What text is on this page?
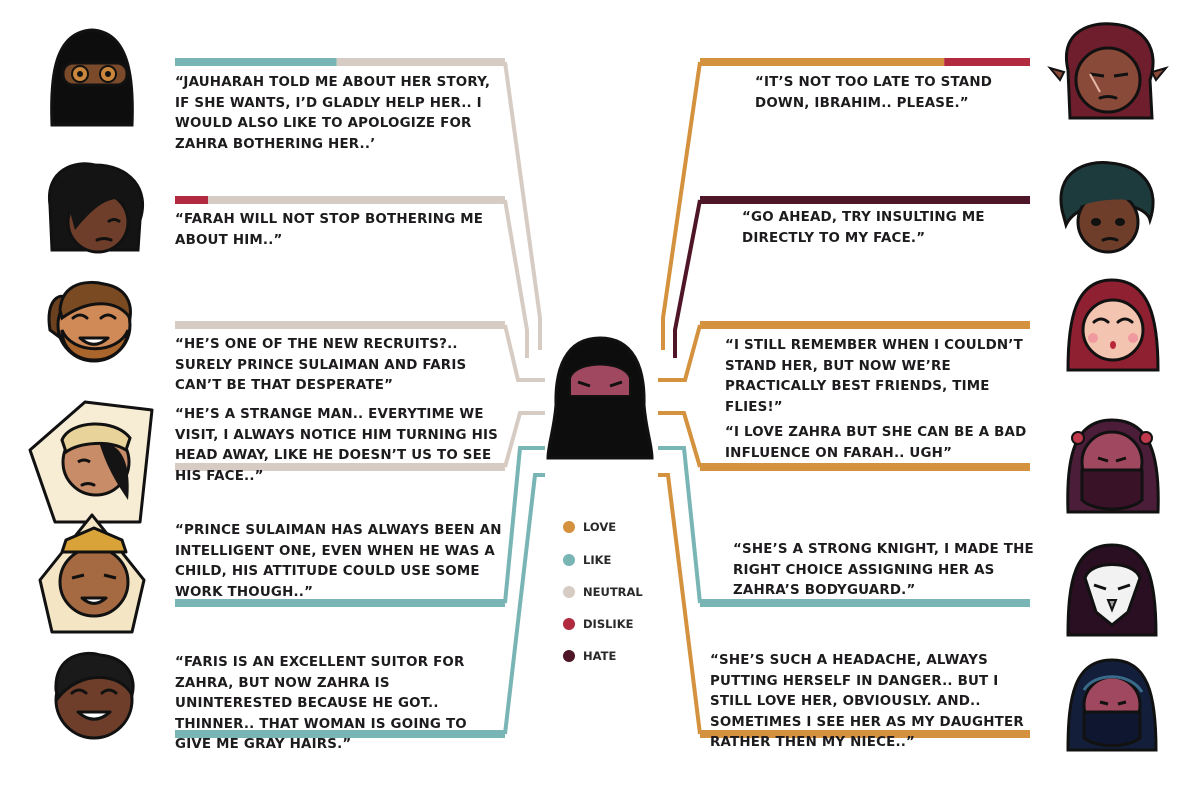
“JAUHARAH TOLD ME ABOUT HER STORY, IF SHE WANTS, I’D GLADLY HELP HER.. I WOULD ALSO LIKE TO APOLOGIZE FOR ZAHRA BOTHERING HER..’

“FARAH WILL NOT STOP BOTHERING ME ABOUT HIM..”

“HE’S ONE OF THE NEW RECRUITS?.. SURELY PRINCE SULAIMAN AND FARIS CAN’T BE THAT DESPERATE”

“HE’S A STRANGE MAN.. EVERYTIME WE VISIT, I ALWAYS NOTICE HIM TURNING HIS HEAD AWAY, LIKE HE DOESN’T US TO SEE HIS FACE..”

“PRINCE SULAIMAN HAS ALWAYS BEEN AN INTELLIGENT ONE, EVEN WHEN HE WAS A CHILD, HIS ATTITUDE COULD USE SOME WORK THOUGH..”

“FARIS IS AN EXCELLENT SUITOR FOR ZAHRA, BUT NOW ZAHRA IS UNINTERESTED BECAUSE HE GOT.. THINNER.. THAT WOMAN IS GOING TO GIVE ME GRAY HAIRS.”

“IT’S NOT TOO LATE TO STAND DOWN, IBRAHIM.. PLEASE.”

“GO AHEAD, TRY INSULTING ME DIRECTLY TO MY FACE.”

“I STILL REMEMBER WHEN I COULDN’T STAND HER, BUT NOW WE’RE PRACTICALLY BEST FRIENDS, TIME FLIES!”

“I LOVE ZAHRA BUT SHE CAN BE A BAD INFLUENCE ON FARAH.. UGH”

“SHE’S A STRONG KNIGHT, I MADE THE RIGHT CHOICE ASSIGNING HER AS ZAHRA’S BODYGUARD.”

“SHE’S SUCH A HEADACHE, ALWAYS PUTTING HERSELF IN DANGER.. BUT I STILL LOVE HER, OBVIOUSLY. AND.. SOMETIMES I SEE HER AS MY DAUGHTER RATHER THEN MY NIECE..”

LOVE
LIKE
NEUTRAL
DISLIKE
HATE
